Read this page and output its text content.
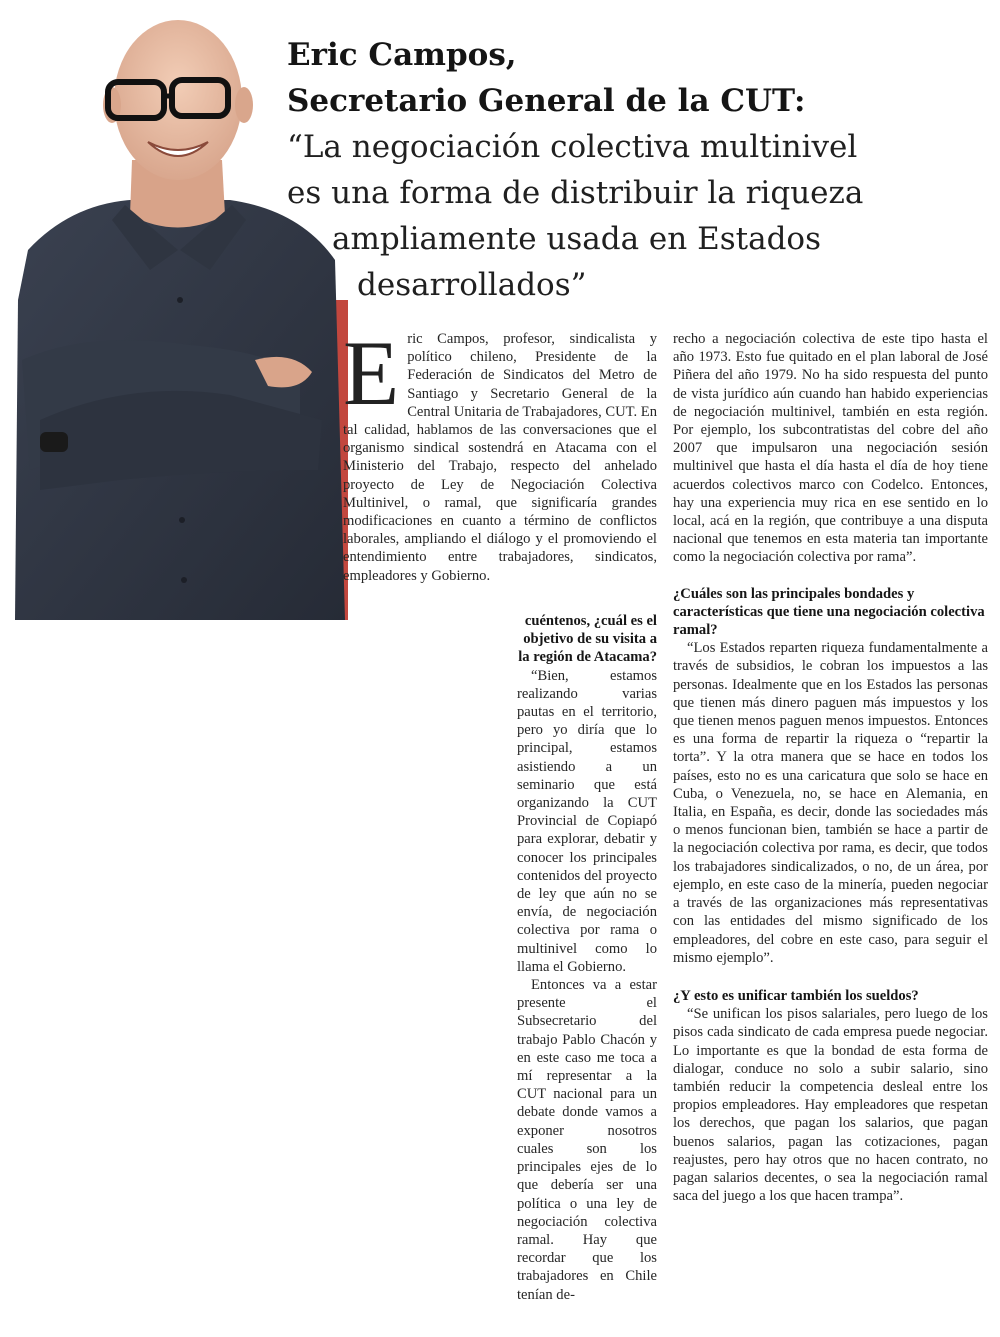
Eric Campos,
Secretario General de la CUT:
“La negociación colectiva multinivel
es una forma de distribuir la riqueza
ampliamente usada en Estados
desarrollados”
E ric Campos, profesor, sindicalista y político chileno, Presidente de la Federación de Sindicatos del Metro de Santiago y Secretario General de la Central Unitaria de Trabajadores, CUT. En tal calidad, hablamos de las conversaciones que el organismo sindical sostendrá en Atacama con el Ministerio del Trabajo, respecto del anhelado proyecto de Ley de Negociación Colectiva Multinivel, o ramal, que significaría grandes modificaciones en cuanto a término de conflictos laborales, ampliando el diálogo y el promoviendo el entendimiento entre trabajadores, sindicatos, empleadores y Gobierno.
cuéntenos, ¿cuál es el objetivo de su visita a la región de Atacama?

“Bien, estamos realizando varias pautas en el territorio, pero yo diría que lo principal, estamos asistiendo a un seminario que está organizando la CUT Provincial de Copiapó para explorar, debatir y conocer los principales contenidos del proyecto de ley que aún no se envía, de negociación colectiva por rama o multinivel como lo llama el Gobierno.

Entonces va a estar presente el Subsecretario del trabajo Pablo Chacón y en este caso me toca a mí representar a la CUT nacional para un debate donde vamos a exponer nosotros cuales son los principales ejes de lo que debería ser una política o una ley de negociación colectiva ramal. Hay que recordar que los trabajadores en Chile tenían de-

recho a negociación colectiva de este tipo hasta el año 1973. Esto fue quitado en el plan laboral de José Piñera del año 1979. No ha sido respuesta del punto de vista jurídico aún cuando han habido experiencias de negociación multinivel, también en esta región. Por ejemplo, los subcontratistas del cobre del año 2007 que impulsaron una negociación sesión multinivel que hasta el día hasta el día de hoy tiene acuerdos colectivos marco con Codelco. Entonces, hay una experiencia muy rica en ese sentido en lo local, acá en la región, que contribuye a una disputa nacional que tenemos en esta materia tan importante como la negociación colectiva por rama”.

¿Cuáles son las principales bondades y características que tiene una negociación colectiva ramal?

“Los Estados reparten riqueza fundamentalmente a través de subsidios, le cobran los impuestos a las personas. Idealmente que en los Estados las personas que tienen más dinero paguen más impuestos y los que tienen menos paguen menos impuestos. Entonces es una forma de repartir la riqueza o “repartir la torta”. Y la otra manera que se hace en todos los países, esto no es una caricatura que solo se hace en Cuba, o Venezuela, no, se hace en Alemania, en Italia, en España, es decir, donde las sociedades más o menos funcionan bien, también se hace a partir de la negociación colectiva por rama, es decir, que todos los trabajadores sindicalizados, o no, de un área, por ejemplo, en este caso de la minería, pueden negociar a través de las organizaciones más representativas con las entidades del mismo significado de los empleadores, del cobre en este caso, para seguir el mismo ejemplo”.

¿Y esto es unificar también los sueldos?

“Se unifican los pisos salariales, pero luego de los pisos cada sindicato de cada empresa puede negociar. Lo importante es que la bondad de esta forma de dialogar, conduce no solo a subir salario, sino también reducir la competencia desleal entre los propios empleadores. Hay empleadores que respetan los derechos, que pagan los salarios, que pagan buenos salarios, pagan las cotizaciones, pagan reajustes, pero hay otros que no hacen contrato, no pagan salarios decentes, o sea la negociación ramal saca del juego a los que hacen trampa”.
